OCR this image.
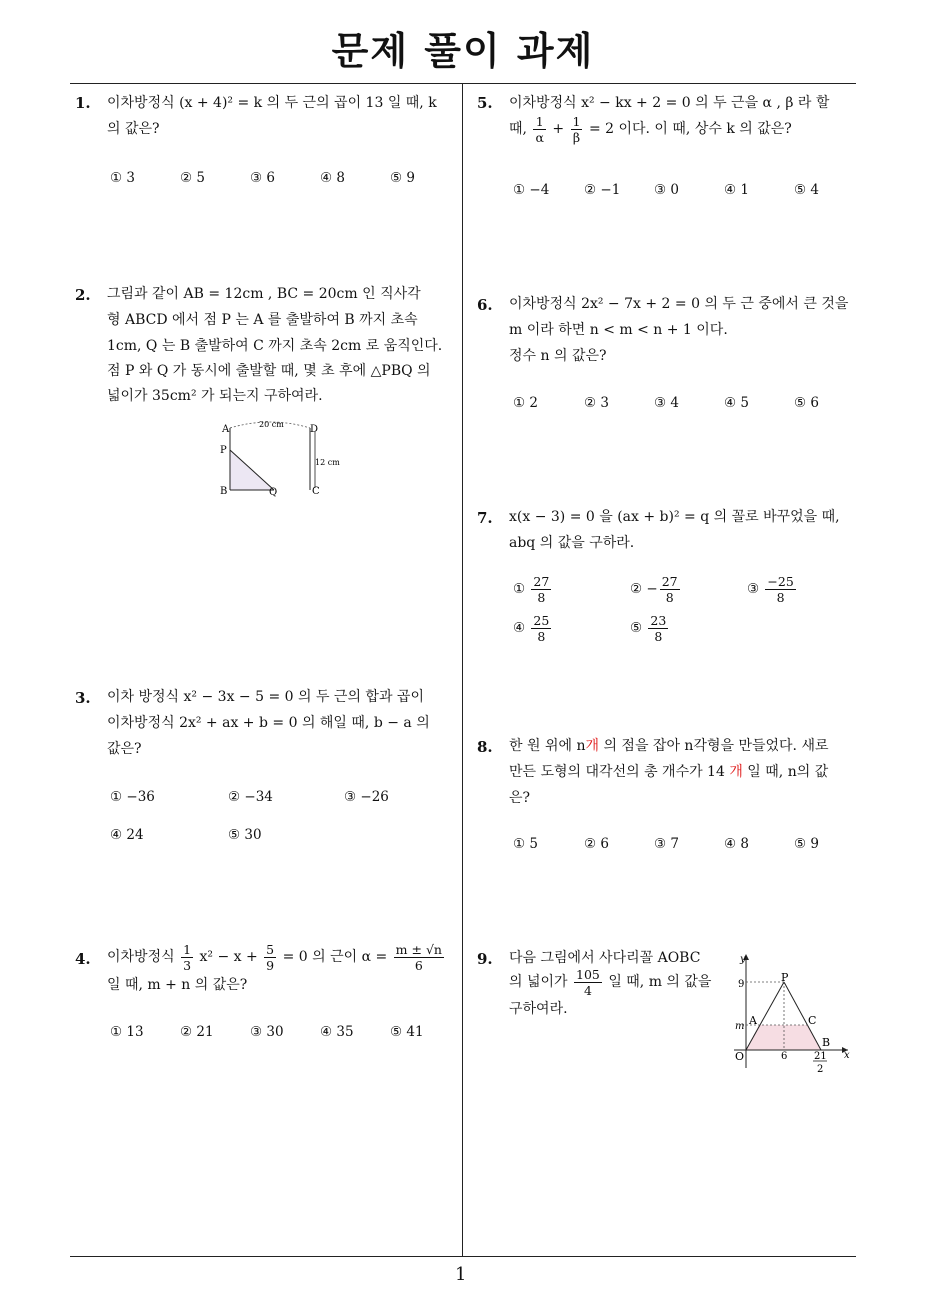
문제 풀이 과제
1
1. 이차방정식 (x + 4)² = k 의 두 근의 곱이 13 일 때, k
의 값은?
① 3	② 5	③ 6	④ 8	⑤ 9
2. 그림과 같이 AB = 12cm , BC = 20cm 인 직사각
형 ABCD 에서 점 P 는 A 를 출발하여 B 까지 초속
1cm, Q 는 B 출발하여 C 까지 초속 2cm 로 움직인다.
점 P 와 Q 가 동시에 출발할 때, 몇 초 후에 △PBQ 의
넓이가 35cm² 가 되는지 구하여라.
A
P
B	Q	C
D
20 cm
12 cm
3. 이차 방정식 x² − 3x − 5 = 0 의 두 근의 합과 곱이
이차방정식 2x² + ax + b = 0 의 해일 때, b − a 의
값은?
① −36	② −34	③ −26
④ 24	⑤ 30
4. 이차방정식 $\frac{1}{3} x^2 - x + \frac{5}{9} = 0$ 의 근이 $\alpha = \frac{m \pm √n}{6}$
일 때, m + n 의 값은?
① 13	② 21	③ 30	④ 35	⑤ 41
5. 이차방정식 x² − kx + 2 = 0 의 두 근을 α , β 라 할
때, $\frac{1}{\alpha} + \frac{1}{\beta} = 2$ 이다. 이 때, 상수 k 의 값은?
① −4	② −1 ③ 0	④ 1	⑤ 4
6. 이차방정식 2x² − 7x + 2 = 0 의 두 근 중에서 큰 것을
m 이라 하면 n < m < n + 1 이다.
정수 n 의 값은?
① 2	② 3	③ 4	④ 5	⑤ 6
7. x(x − 3) = 0 을 (ax + b)² = q 의 꼴로 바꾸었을 때,
abq 의 값을 구하라.
① $\frac{27}{8}$	② − $\frac{27}{8}$	③ $\frac{-25}{8}$
④ $\frac{25}{8}$	⑤ $\frac{23}{8}$
8. 한 원 위에 n개 의 점을 잡아 n각형을 만들었다. 새로
만든 도형의 대각선의 총 개수가 14 개 일 때, n의 값
은?
① 5	② 6	③ 7	④ 8	⑤ 9
9. 다음 그림에서 사다리꼴 AOBC
의 넓이가 $\frac{105}{4}$ 일 때, m 의 값을
구하여라.
y
x
P
A	C
B
O
9
m
6	21
2
